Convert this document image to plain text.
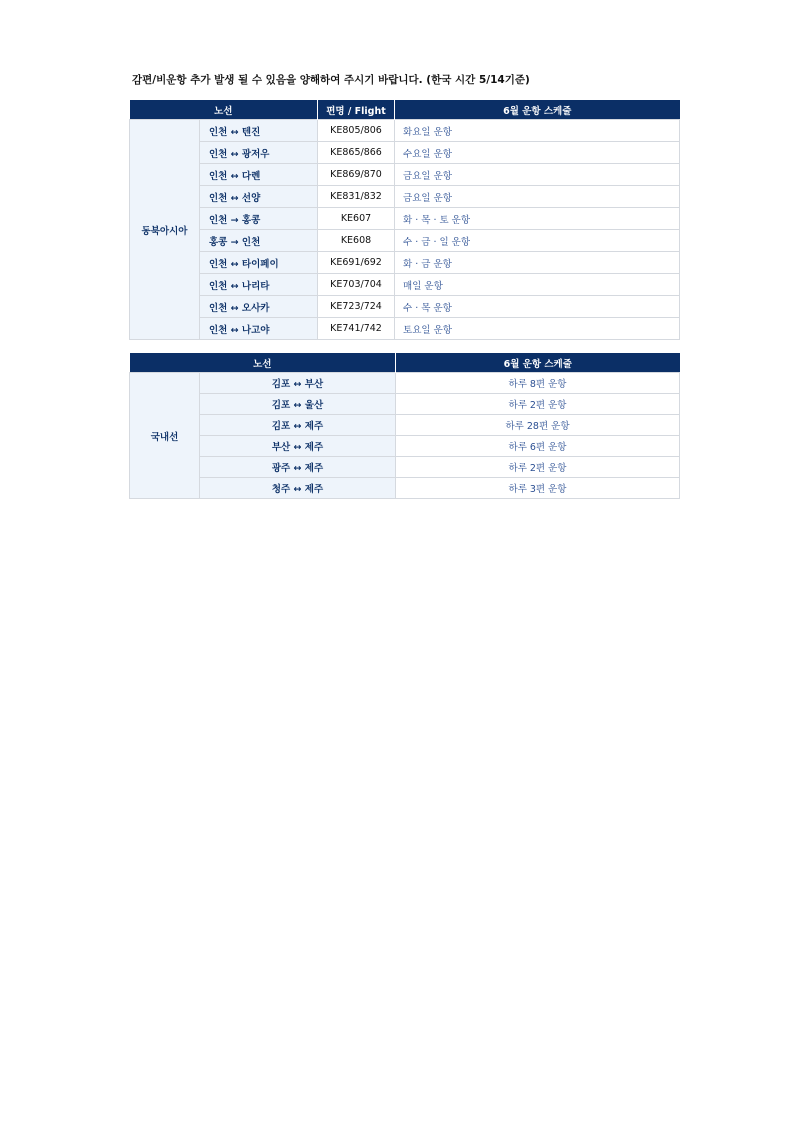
감편/비운항 추가 발생 될 수 있음을 양해하여 주시기 바랍니다. (한국 시간 5/14기준)
노선		편명 / Flight	6월 운항 스케줄
동북아시아	인천 ↔ 텐진	KE805/806	화요일 운항
	인천 ↔ 광저우	KE865/866	수요일 운항
	인천 ↔ 다롄	KE869/870	금요일 운항
	인천 ↔ 선양	KE831/832	금요일 운항
	인천 → 홍콩	KE607	화 · 목 · 토 운항
	홍콩 → 인천	KE608	수 · 금 · 일 운항
	인천 ↔ 타이페이	KE691/692	화 · 금 운항
	인천 ↔ 나리타	KE703/704	매일 운항
	인천 ↔ 오사카	KE723/724	수 · 목 운항
	인천 ↔ 나고야	KE741/742	토요일 운항
노선		6월 운항 스케줄
국내선	김포 ↔ 부산	하루 8편 운항
	김포 ↔ 울산	하루 2편 운항
	김포 ↔ 제주	하루 28편 운항
	부산 ↔ 제주	하루 6편 운항
	광주 ↔ 제주	하루 2편 운항
	청주 ↔ 제주	하루 3편 운항
